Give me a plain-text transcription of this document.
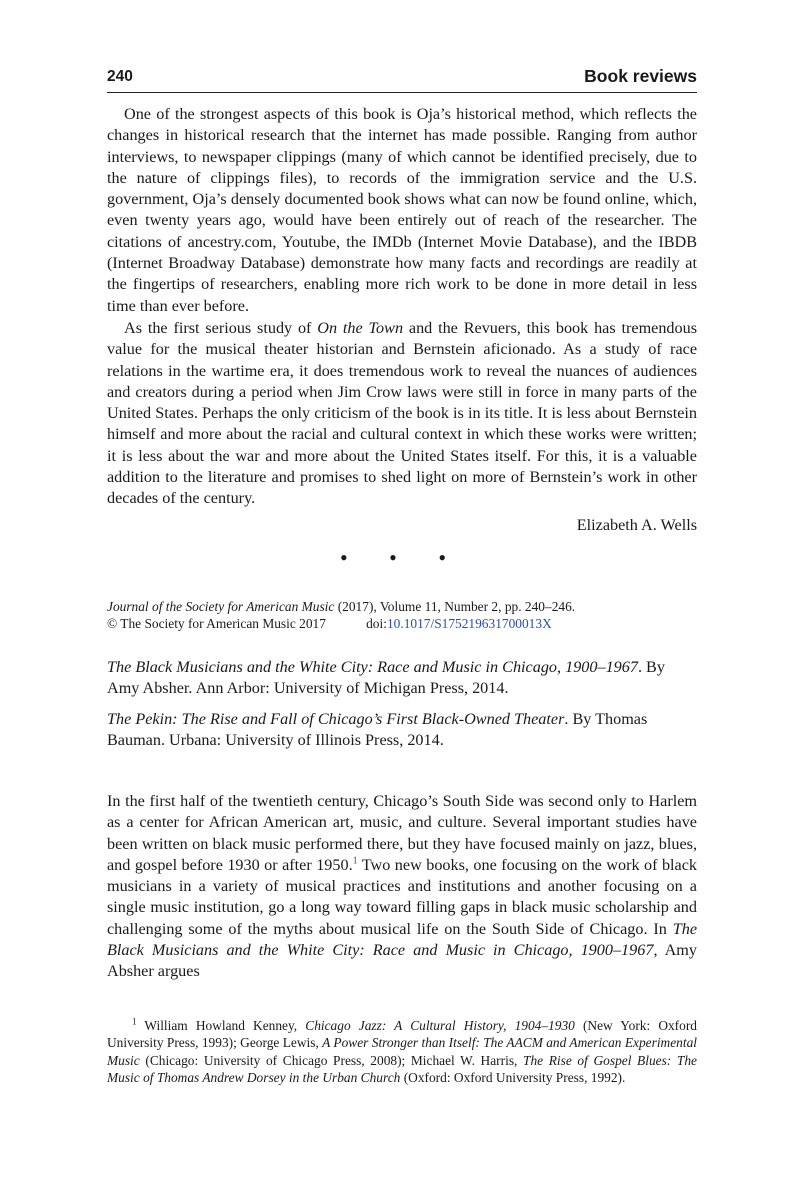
240	Book reviews

One of the strongest aspects of this book is Oja’s historical method, which reflects the changes in historical research that the internet has made possible. Ranging from author interviews, to newspaper clippings (many of which cannot be identified precisely, due to the nature of clippings files), to records of the immigration service and the U.S. government, Oja’s densely documented book shows what can now be found online, which, even twenty years ago, would have been entirely out of reach of the researcher. The citations of ancestry.com, Youtube, the IMDb (Internet Movie Database), and the IBDB (Internet Broadway Database) demonstrate how many facts and recordings are readily at the fingertips of researchers, enabling more rich work to be done in more detail in less time than ever before.

As the first serious study of On the Town and the Revuers, this book has tremendous value for the musical theater historian and Bernstein aficionado. As a study of race relations in the wartime era, it does tremendous work to reveal the nuances of audiences and creators during a period when Jim Crow laws were still in force in many parts of the United States. Perhaps the only criticism of the book is in its title. It is less about Bernstein himself and more about the racial and cultural context in which these works were written; it is less about the war and more about the United States itself. For this, it is a valuable addition to the literature and promises to shed light on more of Bernstein’s work in other decades of the century.

Elizabeth A. Wells

• • •
Journal of the Society for American Music (2017), Volume 11, Number 2, pp. 240–246.
© The Society for American Music 2017	doi:10.1017/S175219631700013X

The Black Musicians and the White City: Race and Music in Chicago, 1900–1967. By Amy Absher. Ann Arbor: University of Michigan Press, 2014.

The Pekin: The Rise and Fall of Chicago’s First Black-Owned Theater. By Thomas Bauman. Urbana: University of Illinois Press, 2014.

In the first half of the twentieth century, Chicago’s South Side was second only to Harlem as a center for African American art, music, and culture. Several important studies have been written on black music performed there, but they have focused mainly on jazz, blues, and gospel before 1930 or after 1950.$^1$ Two new books, one focusing on the work of black musicians in a variety of musical practices and institutions and another focusing on a single music institution, go a long way toward filling gaps in black music scholarship and challenging some of the myths about musical life on the South Side of Chicago. In The Black Musicians and the White City: Race and Music in Chicago, 1900–1967, Amy Absher argues

$^1$ William Howland Kenney, Chicago Jazz: A Cultural History, 1904–1930 (New York: Oxford University Press, 1993); George Lewis, A Power Stronger than Itself: The AACM and American Experimental Music (Chicago: University of Chicago Press, 2008); Michael W. Harris, The Rise of Gospel Blues: The Music of Thomas Andrew Dorsey in the Urban Church (Oxford: Oxford University Press, 1992).
